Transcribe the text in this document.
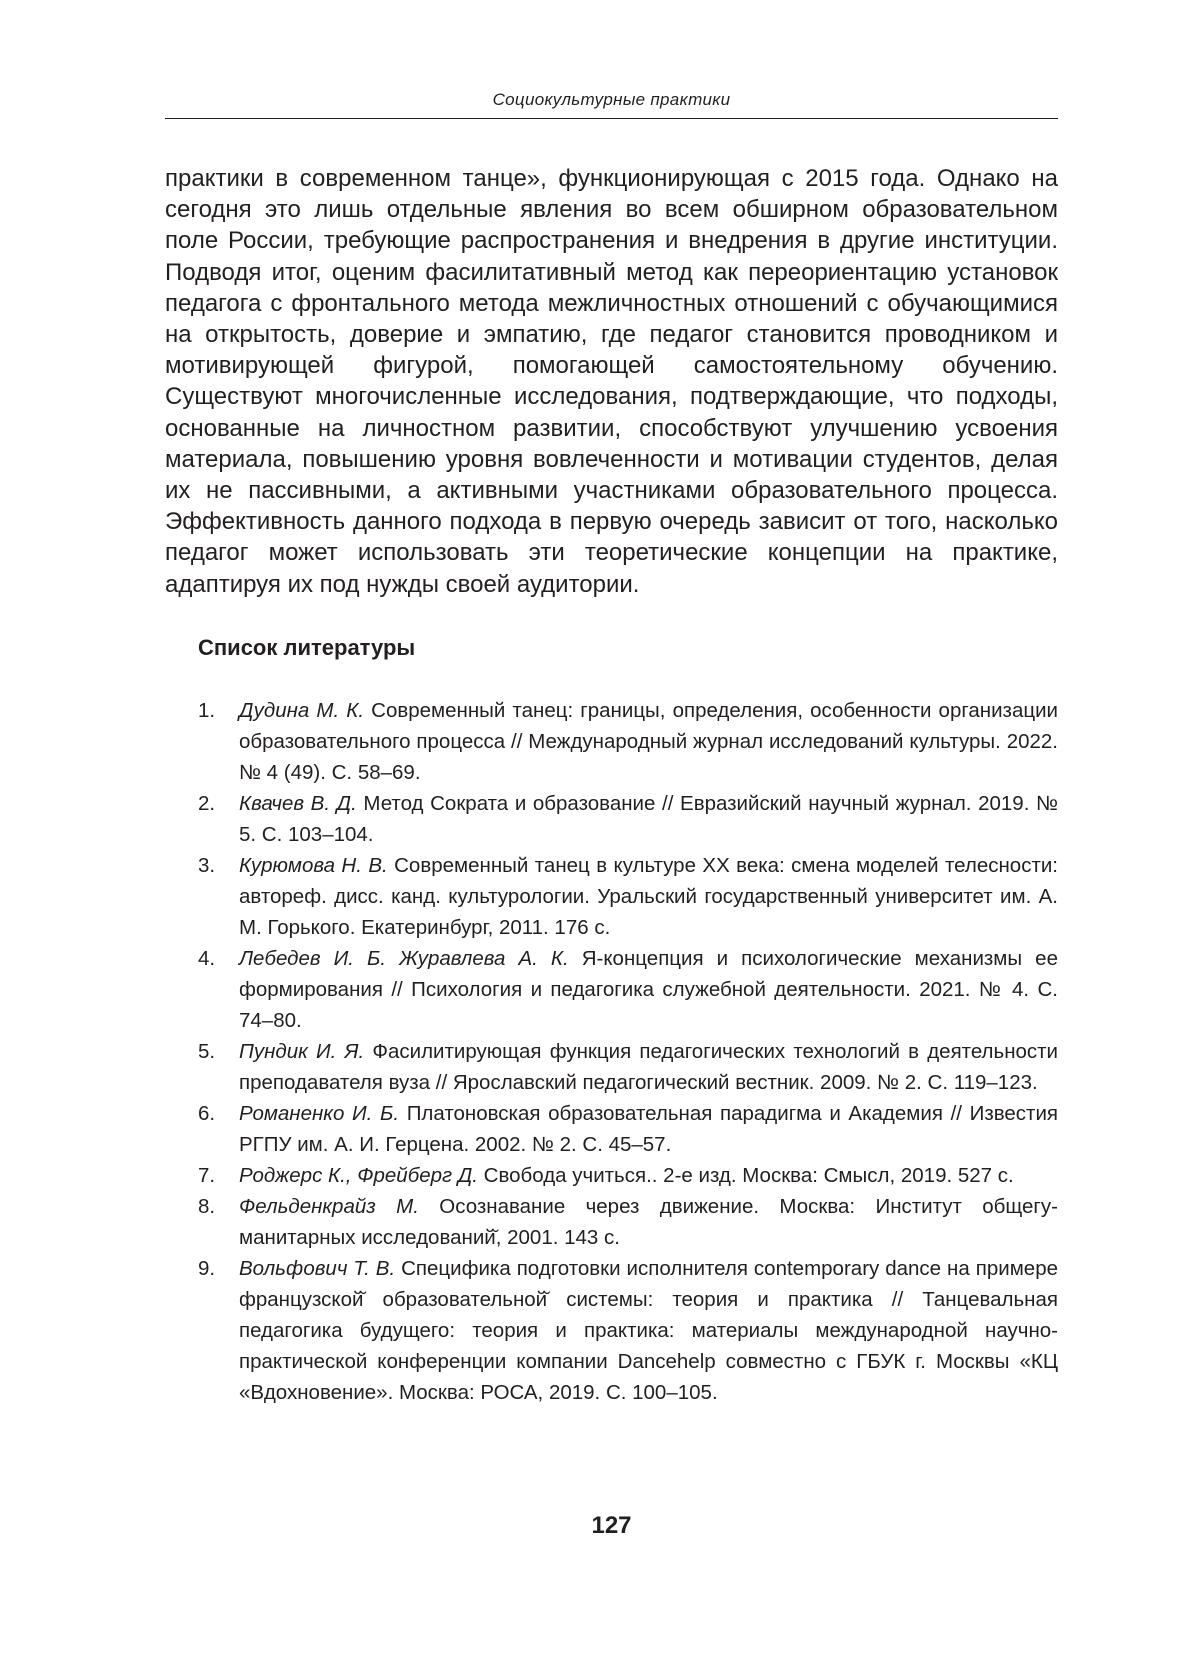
Социокультурные практики

практики в современном танце», функционирующая с 2015 года. Однако на сегодня это лишь отдельные явления во всем обширном образовательном поле России, требующие распространения и внедрения в другие институции. Подводя итог, оценим фасилитативный метод как переориентацию установок педагога с фронтального метода межличностных отношений с обучающимися на открытость, доверие и эмпатию, где педагог становится проводником и мотивирующей фигурой, помогающей самостоятельному обучению. Существуют многочисленные исследования, подтверждающие, что подходы, основанные на личностном развитии, способствуют улучшению усвоения материала, повышению уровня вовлеченности и мотивации студентов, делая их не пассивными, а активными участниками образовательного процесса. Эффективность данного подхода в первую очередь зависит от того, насколько педагог может использовать эти теоретические концепции на практике, адаптируя их под нужды своей аудитории.

Список литературы
1.	Дудина М. К. Современный танец: границы, определения, особенности организации образовательного процесса // Международный журнал исследований культуры. 2022. № 4 (49). С. 58–69.
2.	Квачев В. Д. Метод Сократа и образование // Евразийский научный журнал. 2019. № 5. С. 103–104.
3.	Курюмова Н. В. Современный танец в культуре ХХ века: смена моделей телесности: автореф. дисс. канд. культурологии. Уральский государственный университет им. А. М. Горького. Екатеринбург, 2011. 176 с.
4.	Лебедев И. Б. Журавлева А. К. Я-концепция и психологические механизмы ее формирования // Психология и педагогика служебной деятельности. 2021. № 4. С. 74–80.
5.	Пундик И. Я. Фасилитирующая функция педагогических технологий в деятельности преподавателя вуза // Ярославский педагогический вестник. 2009. № 2. С. 119–123.
6.	Романенко И. Б. Платоновская образовательная парадигма и Академия // Известия РГПУ им. А. И. Герцена. 2002. № 2. С. 45–57.
7.	Роджерс К., Фрейберг Д. Свобода учиться.. 2-е изд. Москва: Смысл, 2019. 527 с.
8.	Фельденкрайз М. Осознавание через движение. Москва: Институт общегуманитарных исследований̆, 2001. 143 с.
9.	Вольфович Т. В. Специфика подготовки исполнителя contemporary dance на примере французской̆ образовательной̆ системы: теория и практика // Танцевальная педагогика будущего: теория и практика: материалы международной научно-практической конференции компании Dancehelp совместно с ГБУК г. Москвы «КЦ «Вдохновение». Москва: РОСА, 2019. С. 100–105.
127
